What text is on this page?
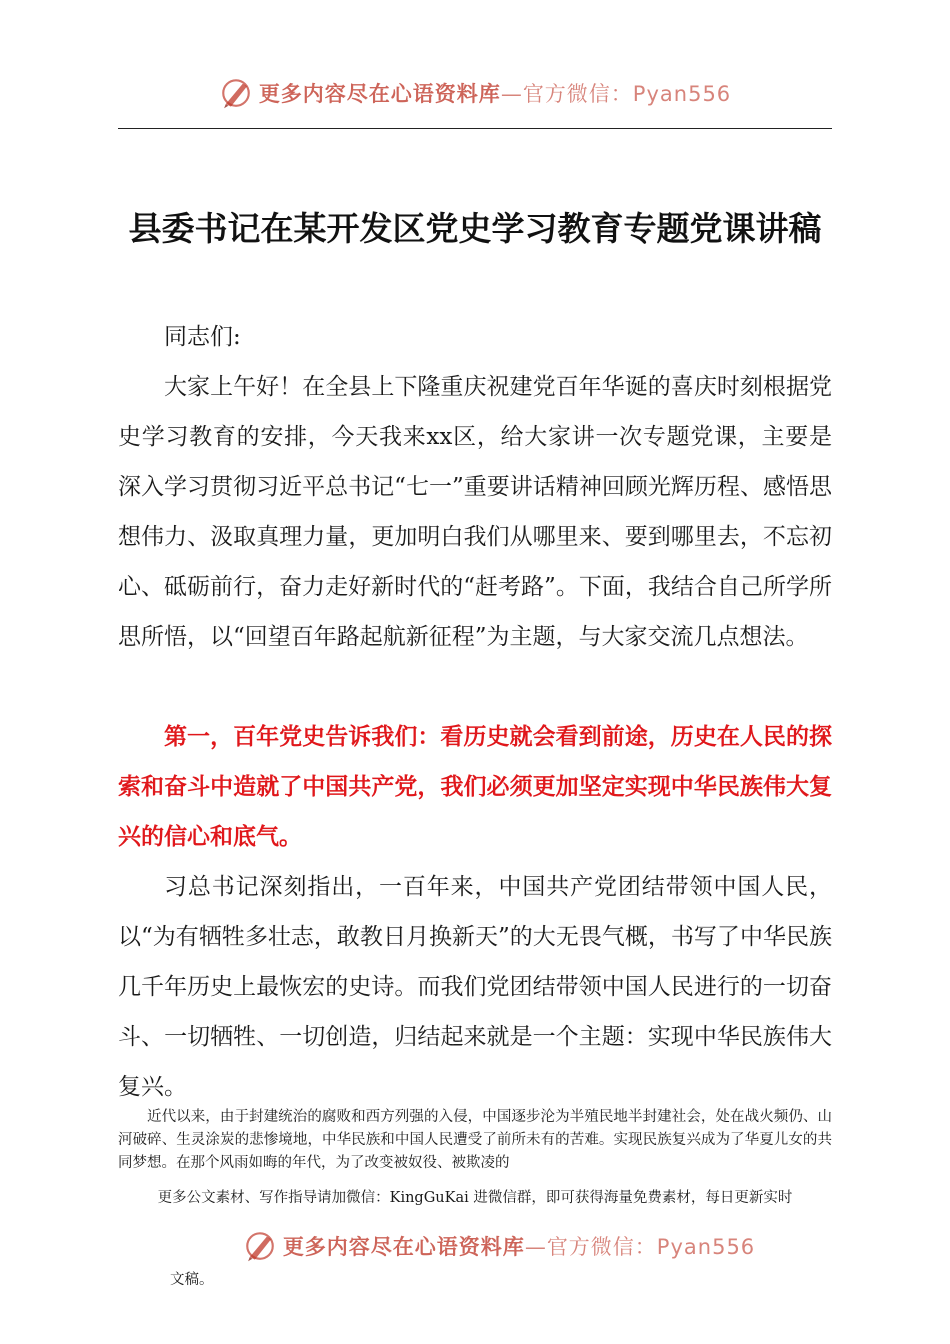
更多内容尽在心语资料库—官方微信：Pyan556
县委书记在某开发区党史学习教育专题党课讲稿

同志们:

大家上午好！在全县上下隆重庆祝建党百年华诞的喜庆时刻根据党史学习教育的安排，今天我来xx区，给大家讲一次专题党课，主要是深入学习贯彻习近平总书记“七一”重要讲话精神回顾光辉历程、感悟思想伟力、汲取真理力量，更加明白我们从哪里来、要到哪里去，不忘初心、砥砺前行，奋力走好新时代的“赶考路”。下面，我结合自己所学所思所悟，以“回望百年路起航新征程”为主题，与大家交流几点想法。

第一，百年党史告诉我们：看历史就会看到前途，历史在人民的探索和奋斗中造就了中国共产党，我们必须更加坚定实现中华民族伟大复兴的信心和底气。

习总书记深刻指出，一百年来，中国共产党团结带领中国人民，以“为有牺牲多壮志，敢教日月换新天”的大无畏气概，书写了中华民族几千年历史上最恢宏的史诗。而我们党团结带领中国人民进行的一切奋斗、一切牺牲、一切创造，归结起来就是一个主题：实现中华民族伟大复兴。

近代以来，由于封建统治的腐败和西方列强的入侵，中国逐步沦为半殖民地半封建社会，处在战火频仍、山河破碎、生灵涂炭的悲惨境地，中华民族和中国人民遭受了前所未有的苦难。实现民族复兴成为了华夏儿女的共同梦想。在那个风雨如晦的年代，为了改变被奴役、被欺凌的

更多公文素材、写作指导请加微信：KingGuKai 进微信群，即可获得海量免费素材，每日更新实时
更多内容尽在心语资料库—官方微信：Pyan556
文稿。
